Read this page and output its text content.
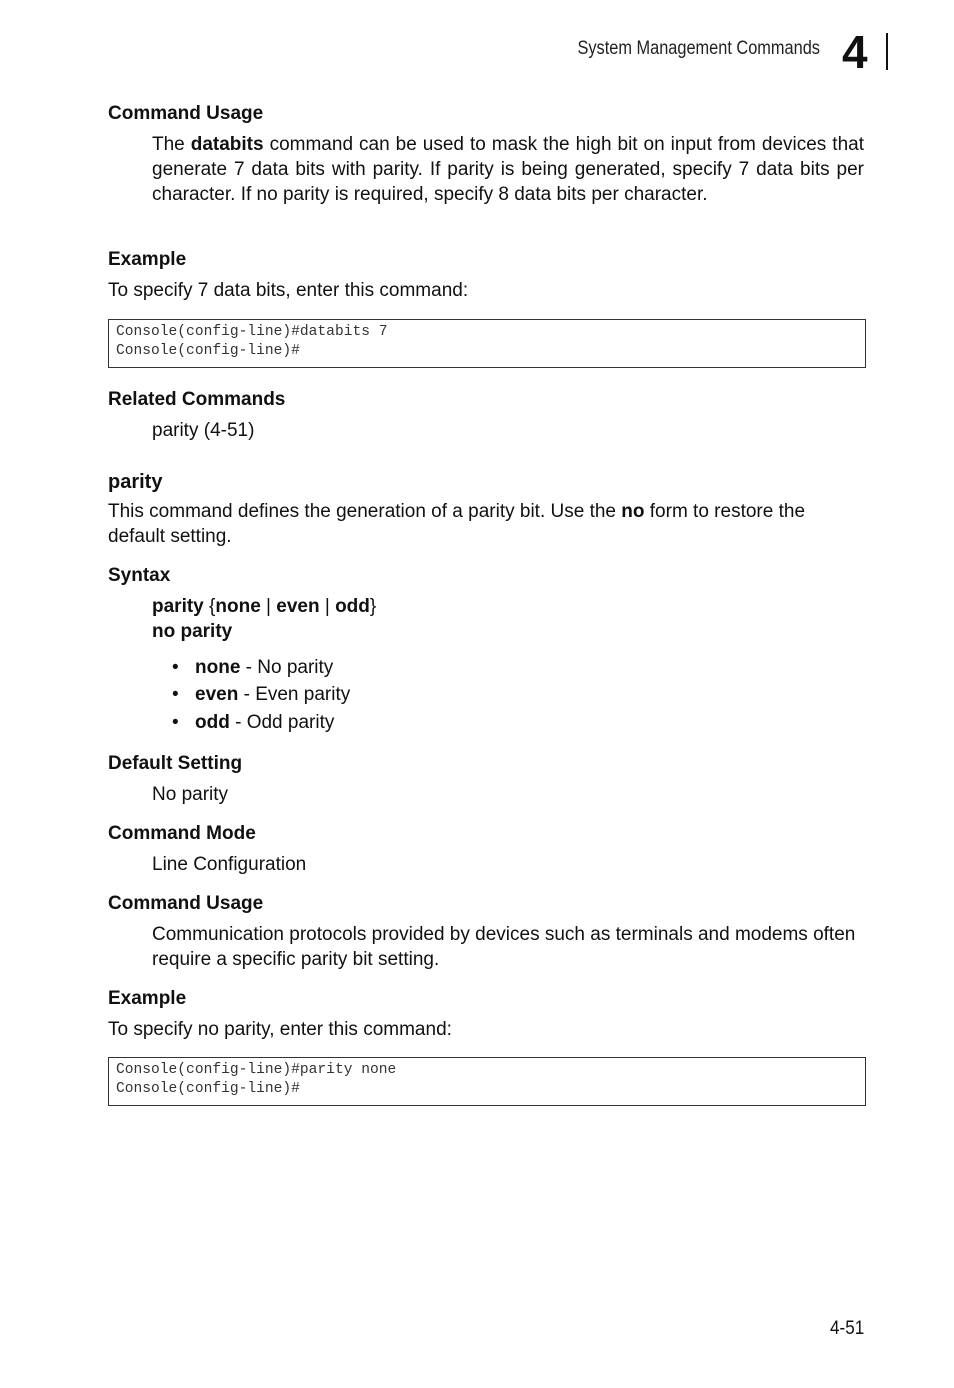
System Management Commands 4
Command Usage
The databits command can be used to mask the high bit on input from devices that generate 7 data bits with parity. If parity is being generated, specify 7 data bits per character. If no parity is required, specify 8 data bits per character.
Example
To specify 7 data bits, enter this command:
Console(config-line)#databits 7
Console(config-line)#
Related Commands
parity (4-51)
parity
This command defines the generation of a parity bit. Use the no form to restore the default setting.
Syntax
parity {none | even | odd}
no parity
• none - No parity
• even - Even parity
• odd - Odd parity
Default Setting
No parity
Command Mode
Line Configuration
Command Usage
Communication protocols provided by devices such as terminals and modems often require a specific parity bit setting.
Example
To specify no parity, enter this command:
Console(config-line)#parity none
Console(config-line)#
4-51
